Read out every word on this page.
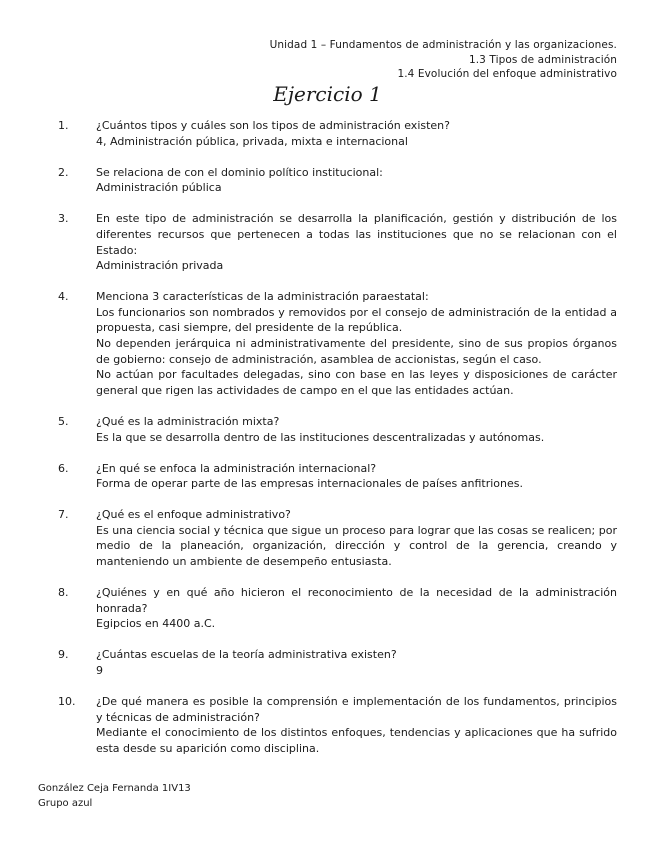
Unidad 1 – Fundamentos de administración y las organizaciones.
1.3 Tipos de administración
1.4 Evolución del enfoque administrativo
Ejercicio 1
1.	¿Cuántos tipos y cuáles son los tipos de administración existen?
4, Administración pública, privada, mixta e internacional
2.	Se relaciona de con el dominio político institucional:
Administración pública
3.	En este tipo de administración se desarrolla la planificación, gestión y distribución de los diferentes recursos que pertenecen a todas las instituciones que no se relacionan con el Estado:
Administración privada
4.	Menciona 3 características de la administración paraestatal:
Los funcionarios son nombrados y removidos por el consejo de administración de la entidad a propuesta, casi siempre, del presidente de la república.
No dependen jerárquica ni administrativamente del presidente, sino de sus propios órganos de gobierno: consejo de administración, asamblea de accionistas, según el caso.
No actúan por facultades delegadas, sino con base en las leyes y disposiciones de carácter general que rigen las actividades de campo en el que las entidades actúan.
5.	¿Qué es la administración mixta?
Es la que se desarrolla dentro de las instituciones descentralizadas y autónomas.
6.	¿En qué se enfoca la administración internacional?
Forma de operar parte de las empresas internacionales de países anfitriones.
7.	¿Qué es el enfoque administrativo?
Es una ciencia social y técnica que sigue un proceso para lograr que las cosas se realicen; por medio de la planeación, organización, dirección y control de la gerencia, creando y manteniendo un ambiente de desempeño entusiasta.
8.	¿Quiénes y en qué año hicieron el reconocimiento de la necesidad de la administración honrada?
Egipcios en 4400 a.C.
9.	¿Cuántas escuelas de la teoría administrativa existen?
9
10.	¿De qué manera es posible la comprensión e implementación de los fundamentos, principios y técnicas de administración?
Mediante el conocimiento de los distintos enfoques, tendencias y aplicaciones que ha sufrido esta desde su aparición como disciplina.
González Ceja Fernanda 1IV13
Grupo azul
